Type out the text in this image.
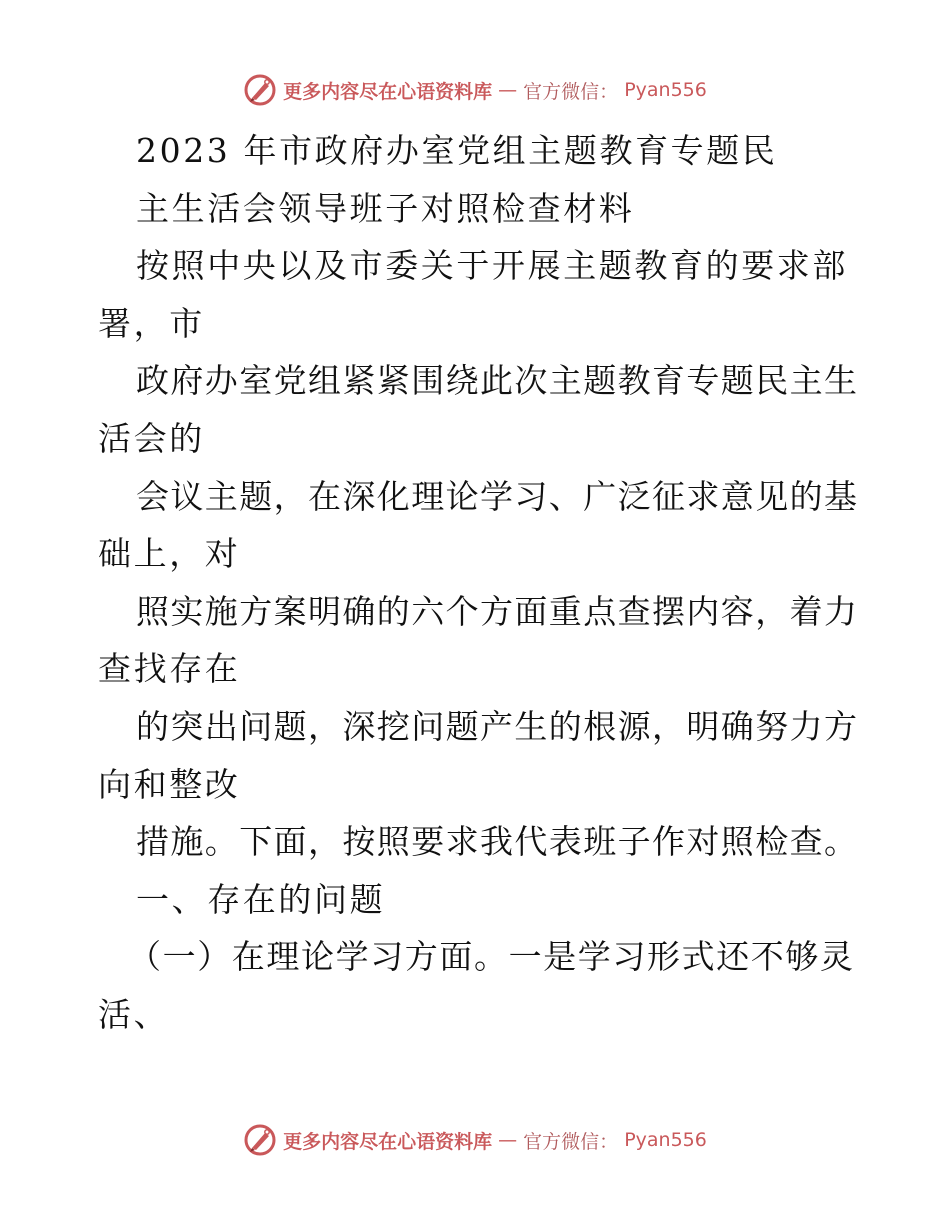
更多内容尽在心语资料库 — 官方微信： Pyan556
2023 年市政府办室党组主题教育专题民
主生活会领导班子对照检查材料
按照中央以及市委关于开展主题教育的要求部
署，市
政府办室党组紧紧围绕此次主题教育专题民主生
活会的
会议主题，在深化理论学习、广泛征求意见的基
础上，对
照实施方案明确的六个方面重点查摆内容，着力
查找存在
的突出问题，深挖问题产生的根源，明确努力方
向和整改
措施。下面，按照要求我代表班子作对照检查。
一、存在的问题
（一）在理论学习方面。一是学习形式还不够灵
活、
更多内容尽在心语资料库 — 官方微信： Pyan556
